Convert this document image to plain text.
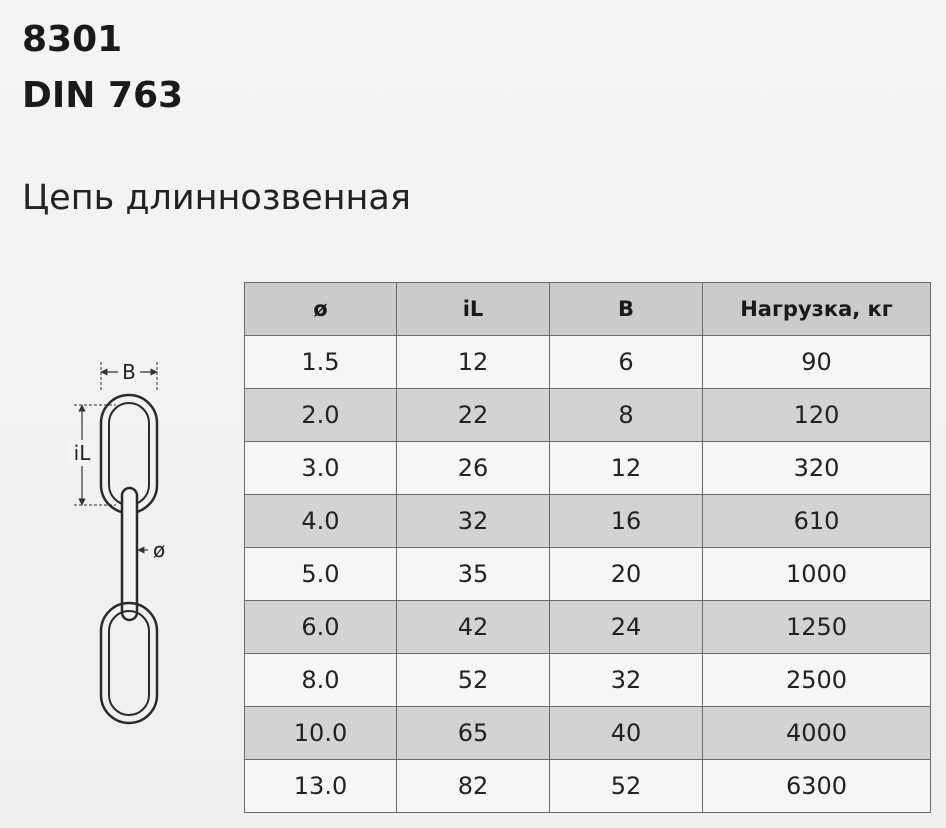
8301
DIN 763
Цепь длиннозвенная
B
iL
ø
ø	iL	B	Нагрузка, кг
1.5	12	6	90
2.0	22	8	120
3.0	26	12	320
4.0	32	16	610
5.0	35	20	1000
6.0	42	24	1250
8.0	52	32	2500
10.0	65	40	4000
13.0	82	52	6300
